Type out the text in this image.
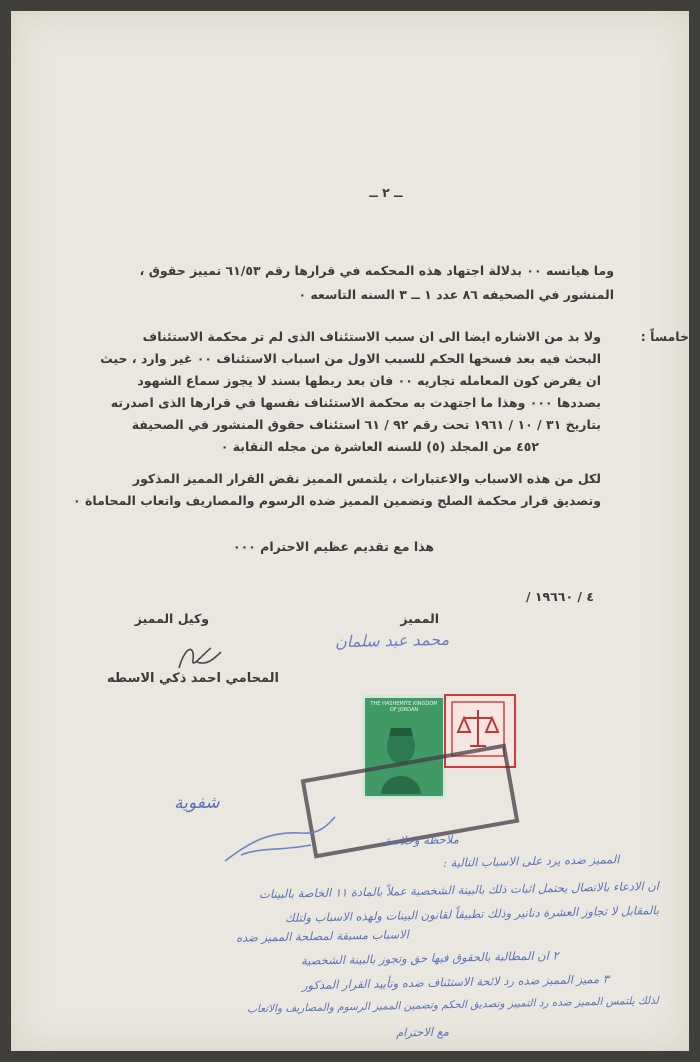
ــ ٢ ــ
وما هيانسه ٠٠ بدلالة اجتهاد هذه المحكمه في قرارها رقم ٦١/٥٣ تمييز حقوق ،
المنشور في الصحيفه ٨٦ عدد ١ ــ ٣ السنه التاسعه ٠
خامساً :
ولا بد من الاشاره ايضا الى ان سبب الاستئناف الذى لم تر محكمة الاستئناف
البحث فيه بعد فسخها الحكم للسبب الاول من اسباب الاستئناف ٠٠ غير وارد ، حيث
ان يفرض كون المعامله تجاريه ٠٠ فان بعد ربطها بسند لا يجوز سماع الشهود
بصددها ٠٠٠ وهذا ما اجتهدت به محكمة الاستئناف نفسها في قرارها الذى اصدرته
بتاريخ ٣١ / ١٠ / ١٩٦١ تحت رقم ٩٢ / ٦١ استئناف حقوق المنشور في الصحيفة
٤٥٢ من المجلد (٥) للسنه العاشرة من مجله النقابة ٠
لكل من هذه الاسباب والاعتبارات ، يلتمس المميز نقض القرار المميز المذكور
وتصديق قرار محكمة الصلح وتضمين المميز ضده الرسوم والمصاريف واتعاب المحاماة ٠
هذا مع تقديم عظيم الاحترام ٠٠٠
/ ٤ / ١٩٦٦٠
المميز
وكيل المميز
محمد عبد سلمان
المحامي احمد ذكي الاسطه
THE HASHEMITE KINGDOM OF JORDAN
شفوية
ملاحظة وخلاصة
المميز ضده يرد على الاسباب التالية :
ان الادعاء بالاتصال يحتمل اثبات ذلك بالبينة الشخصية عملاً بالمادة ١١ الخاصة بالبينات
بالمقابل لا تجاوز العشرة دنانير وذلك تطبيقاً لقانون البينات ولهذه الاسباب ولتلك
الاسباب مسبقة لمصلحة المميز ضده
٢ ان المطالبة بالحقوق فيها حق وتجوز بالبينة الشخصية
٣ مميز المميز ضده رد لائحة الاستئناف ضده وتأييد القرار المذكور
لذلك يلتمس المميز ضده رد التمييز وتصديق الحكم وتضمين المميز الرسوم والمصاريف والاتعاب
مع الاحترام
